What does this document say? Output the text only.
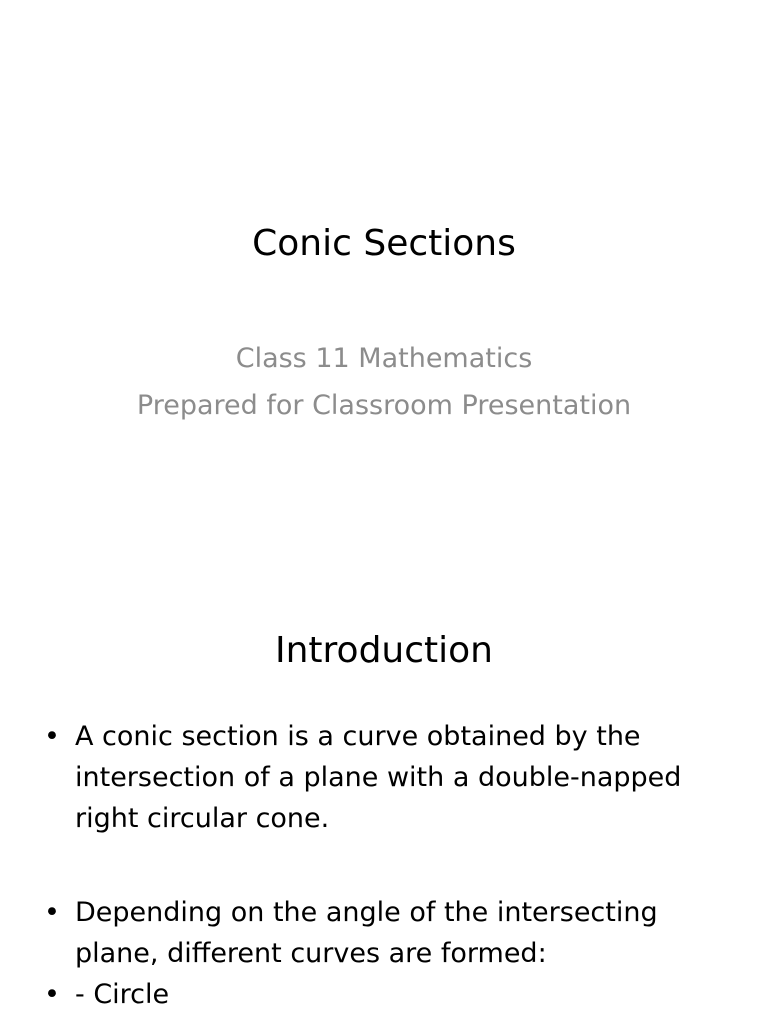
Conic Sections
Class 11 Mathematics
Prepared for Classroom Presentation
Introduction
• A conic section is a curve obtained by the intersection of a plane with a double-napped right circular cone.
• Depending on the angle of the intersecting plane, different curves are formed:
• - Circle
